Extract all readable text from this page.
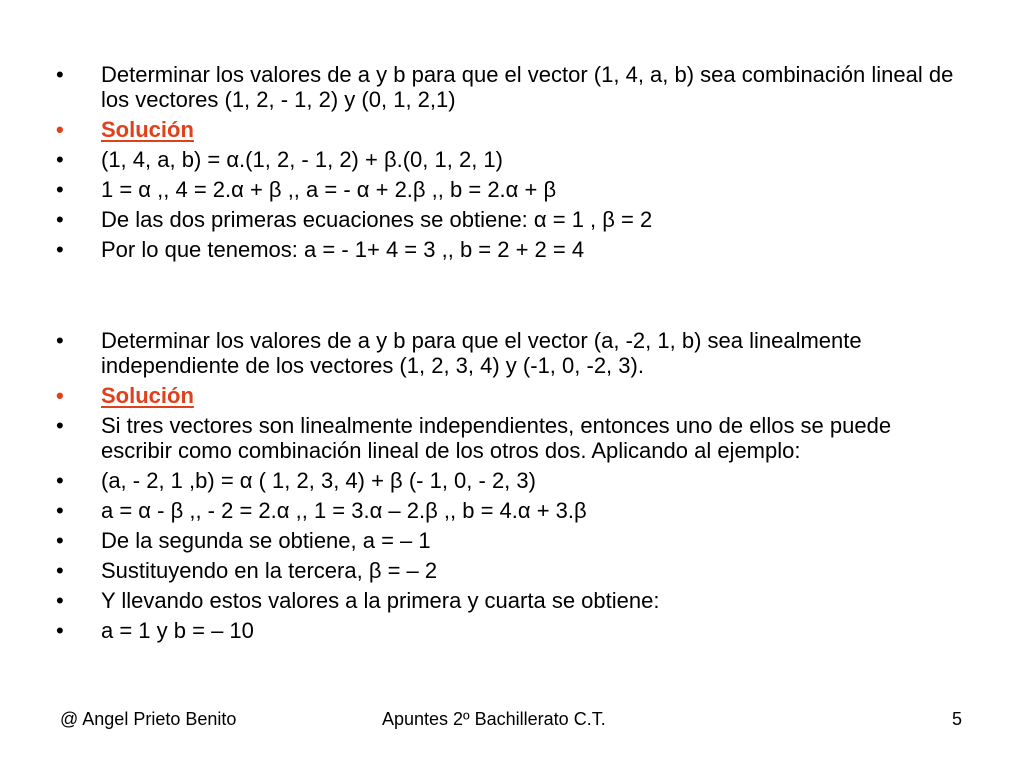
•	Determinar los valores de a y b para que el vector (1, 4, a, b) sea combinación lineal de los vectores (1, 2, - 1, 2) y (0, 1, 2,1)
•	Solución
•	(1, 4, a, b) = α.(1, 2, - 1, 2) + β.(0, 1, 2, 1)
•	1 = α ,, 4 = 2.α + β ,, a = - α + 2.β ,, b = 2.α + β
•	De las dos primeras ecuaciones se obtiene: α = 1 , β = 2
•	Por lo que tenemos: a = - 1+ 4 = 3 ,, b = 2 + 2 = 4
•	Determinar los valores de a y b para que el vector (a, -2, 1, b) sea linealmente independiente de los vectores (1, 2, 3, 4) y (-1, 0, -2, 3).
•	Solución
•	Si tres vectores son linealmente independientes, entonces uno de ellos se puede escribir como combinación lineal de los otros dos. Aplicando al ejemplo:
•	(a, - 2, 1 ,b) = α ( 1, 2, 3, 4) + β (- 1, 0, - 2, 3)
•	a = α - β ,, - 2 = 2.α ,, 1 = 3.α – 2.β ,, b = 4.α + 3.β
•	De la segunda se obtiene, a = – 1
•	Sustituyendo en la tercera, β = – 2
•	Y llevando estos valores a la primera y cuarta se obtiene:
•	a = 1 y b = – 10
@ Angel Prieto Benito	Apuntes 2º Bachillerato C.T.	5
